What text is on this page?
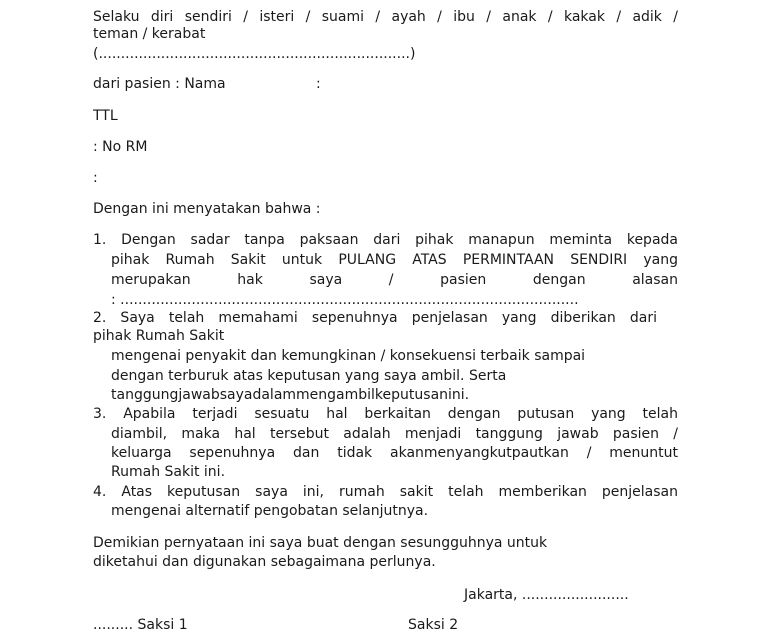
Selaku diri sendiri / isteri / suami / ayah / ibu / anak / kakak / adik /
teman / kerabat
(......................................................................)
dari pasien : Nama	:
TTL
: No RM
:
Dengan ini menyatakan bahwa :
1. Dengan sadar tanpa paksaan dari pihak manapun meminta kepada
pihak Rumah Sakit untuk PULANG ATAS PERMINTAAN SENDIRI yang
merupakan hak saya / pasien dengan alasan
: .......................................................................................................
2. Saya telah memahami sepenuhnya penjelasan yang diberikan dari
pihak Rumah Sakit
mengenai penyakit dan kemungkinan / konsekuensi terbaik sampai
dengan terburuk atas keputusan yang saya ambil. Serta
tanggungjawabsayadalammengambilkeputusanini.
3. Apabila terjadi sesuatu hal berkaitan dengan putusan yang telah
diambil, maka hal tersebut adalah menjadi tanggung jawab pasien /
keluarga sepenuhnya dan tidak akanmenyangkutpautkan / menuntut
Rumah Sakit ini.
4. Atas keputusan saya ini, rumah sakit telah memberikan penjelasan
mengenai alternatif pengobatan selanjutnya.
Demikian pernyataan ini saya buat dengan sesungguhnya untuk
diketahui dan digunakan sebagaimana perlunya.
Jakarta, ........................
......... Saksi 1	Saksi 2
